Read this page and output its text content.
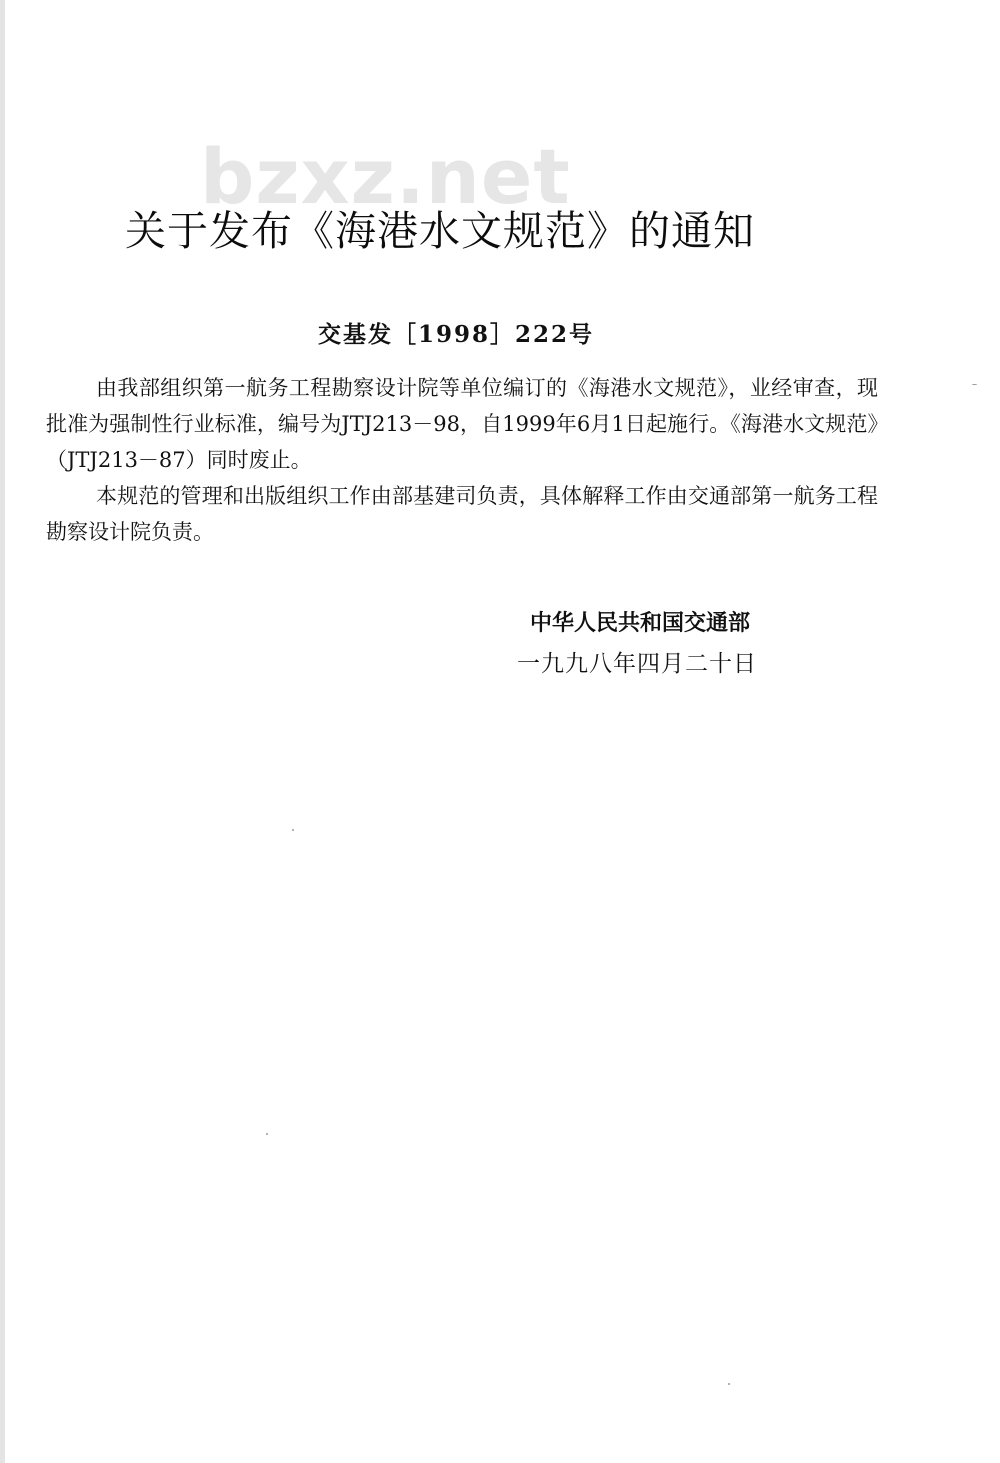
bzxz.net
关于发布《海港水文规范》的通知
交基发［1998］222号

由我部组织第一航务工程勘察设计院等单位编订的《海港水文规范》，业经审查，现批准为强制性行业标准，编号为JTJ213－98，自1999年6月1日起施行。《海港水文规范》（JTJ213－87）同时废止。

本规范的管理和出版组织工作由部基建司负责，具体解释工作由交通部第一航务工程勘察设计院负责。

中华人民共和国交通部
一九九八年四月二十日
